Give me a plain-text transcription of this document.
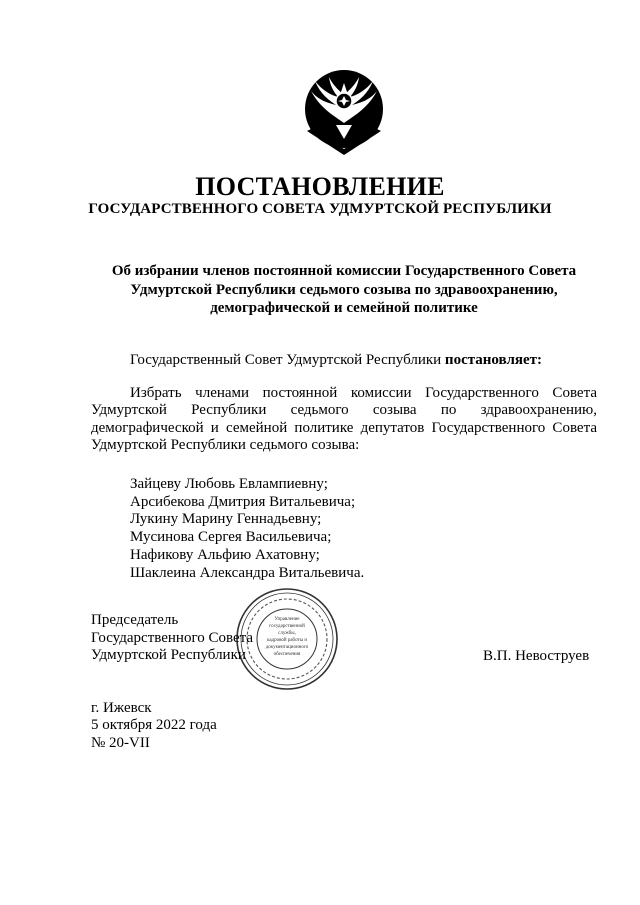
ПОСТАНОВЛЕНИЕ
ГОСУДАРСТВЕННОГО СОВЕТА УДМУРТСКОЙ РЕСПУБЛИКИ
Об избрании членов постоянной комиссии Государственного Совета
Удмуртской Республики седьмого созыва по здравоохранению,
демографической и семейной политике
Государственный Совет Удмуртской Республики постановляет:

Избрать членами постоянной комиссии Государственного Совета Удмуртской Республики седьмого созыва по здравоохранению, демографической и семейной политике депутатов Государственного Совета Удмуртской Республики седьмого созыва:

Зайцеву Любовь Евлампиевну;
Арсибекова Дмитрия Витальевича;
Лукину Марину Геннадьевну;
Мусинова Сергея Васильевича;
Нафикову Альфию Ахатовну;
Шаклеина Александра Витальевича.
Управление
государственной
службы,
кадровой работы и
документационного
обеспечения
Председатель
Государственного Совета
Удмуртской Республики	В.П. Невоструев
г. Ижевск
5 октября 2022 года
№ 20-VII
